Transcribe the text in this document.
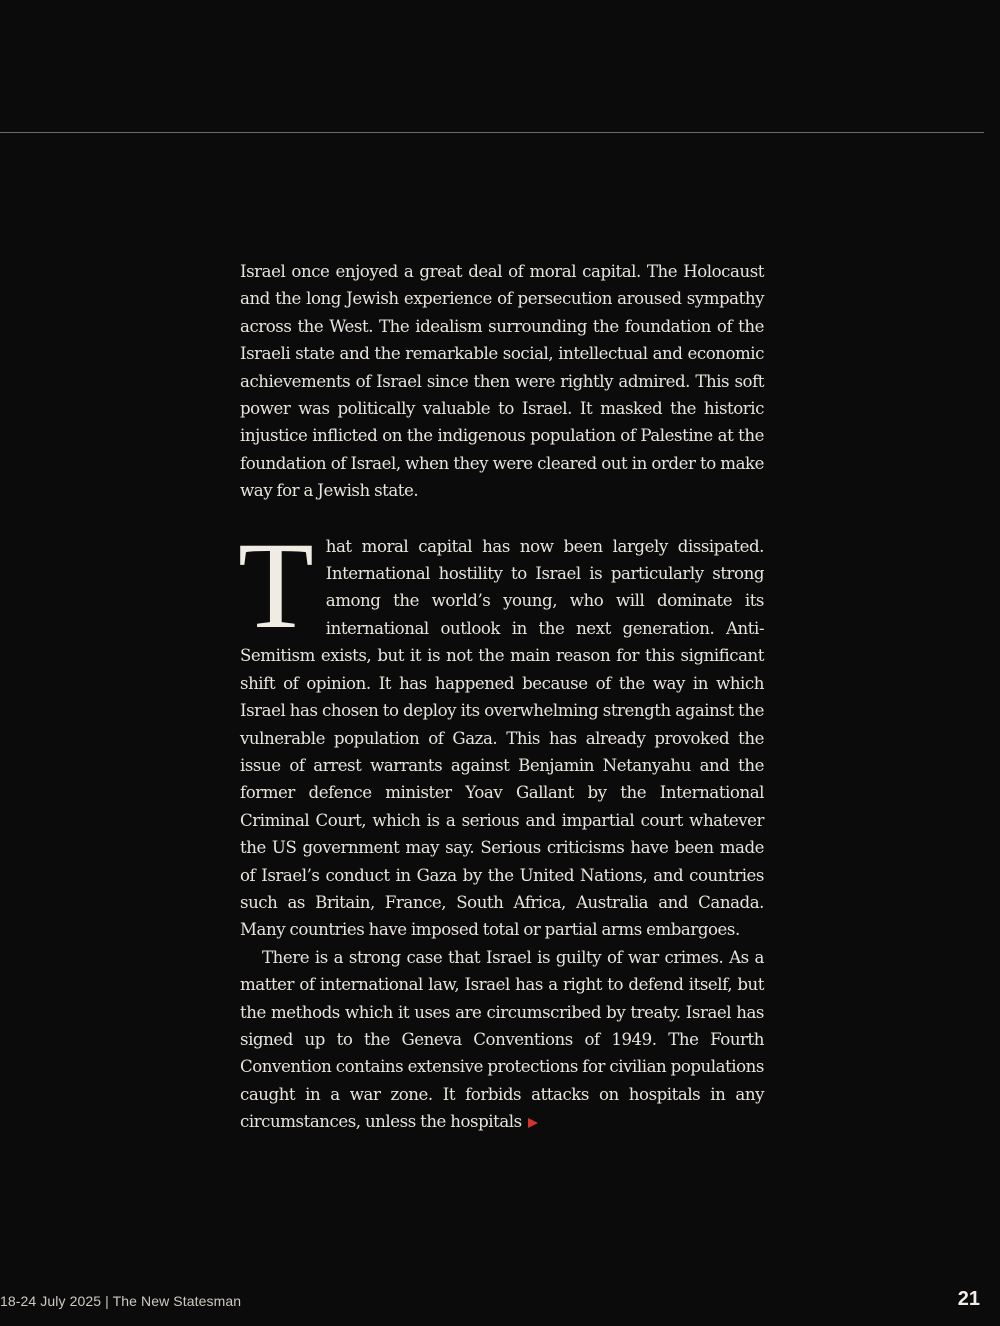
Israel once enjoyed a great deal of moral capital. The Holocaust and the long Jewish experience of persecution aroused sympathy across the West. The idealism surrounding the foundation of the Israeli state and the remarkable social, intellectual and economic achievements of Israel since then were rightly admired. This soft power was politically valuable to Israel. It masked the historic injustice inflicted on the indigenous population of Palestine at the foundation of Israel, when they were cleared out in order to make way for a Jewish state.

That moral capital has now been largely dissipated. International hostility to Israel is particularly strong among the world’s young, who will dominate its international outlook in the next generation. Anti-Semitism exists, but it is not the main reason for this significant shift of opinion. It has happened because of the way in which Israel has chosen to deploy its overwhelming strength against the vulnerable population of Gaza. This has already provoked the issue of arrest warrants against Benjamin Netanyahu and the former defence minister Yoav Gallant by the International Criminal Court, which is a serious and impartial court whatever the US government may say. Serious criticisms have been made of Israel’s conduct in Gaza by the United Nations, and countries such as Britain, France, South Africa, Australia and Canada. Many countries have imposed total or partial arms embargoes.

There is a strong case that Israel is guilty of war crimes. As a matter of international law, Israel has a right to defend itself, but the methods which it uses are circumscribed by treaty. Israel has signed up to the Geneva Conventions of 1949. The Fourth Convention contains extensive protections for civilian populations caught in a war zone. It forbids attacks on hospitals in any circumstances, unless the hospitals

18-24 July 2025 | The New Statesman	21
